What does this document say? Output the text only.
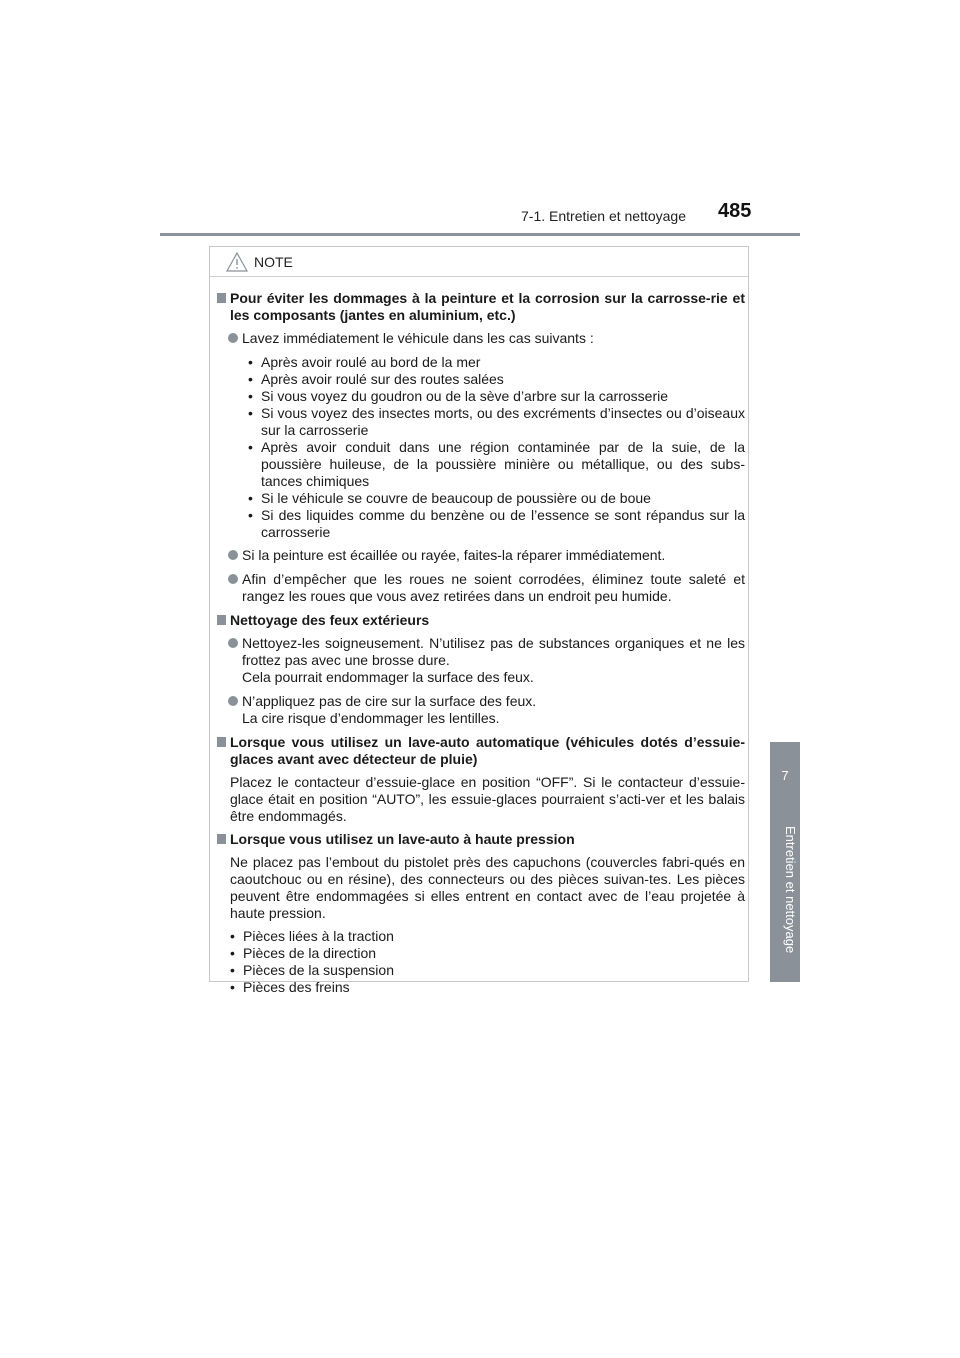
7-1. Entretien et nettoyage 485
7
Entretien et nettoyage
NOTE
Pour éviter les dommages à la peinture et la corrosion sur la carrosse-rie et les composants (jantes en aluminium, etc.)
Lavez immédiatement le véhicule dans les cas suivants :
• Après avoir roulé au bord de la mer
• Après avoir roulé sur des routes salées
• Si vous voyez du goudron ou de la sève d’arbre sur la carrosserie
• Si vous voyez des insectes morts, ou des excréments d’insectes ou d’oiseaux sur la carrosserie
• Après avoir conduit dans une région contaminée par de la suie, de la poussière huileuse, de la poussière minière ou métallique, ou des subs-tances chimiques
• Si le véhicule se couvre de beaucoup de poussière ou de boue
• Si des liquides comme du benzène ou de l’essence se sont répandus sur la carrosserie
Si la peinture est écaillée ou rayée, faites-la réparer immédiatement.
Afin d’empêcher que les roues ne soient corrodées, éliminez toute saleté et rangez les roues que vous avez retirées dans un endroit peu humide.
Nettoyage des feux extérieurs
Nettoyez-les soigneusement. N’utilisez pas de substances organiques et ne les frottez pas avec une brosse dure.
Cela pourrait endommager la surface des feux.
N’appliquez pas de cire sur la surface des feux.
La cire risque d’endommager les lentilles.
Lorsque vous utilisez un lave-auto automatique (véhicules dotés d’essuie-glaces avant avec détecteur de pluie)
Placez le contacteur d’essuie-glace en position “OFF”. Si le contacteur d’essuie-glace était en position “AUTO”, les essuie-glaces pourraient s’acti-ver et les balais être endommagés.
Lorsque vous utilisez un lave-auto à haute pression
Ne placez pas l’embout du pistolet près des capuchons (couvercles fabri-qués en caoutchouc ou en résine), des connecteurs ou des pièces suivan-tes. Les pièces peuvent être endommagées si elles entrent en contact avec de l’eau projetée à haute pression.
• Pièces liées à la traction
• Pièces de la direction
• Pièces de la suspension
• Pièces des freins
